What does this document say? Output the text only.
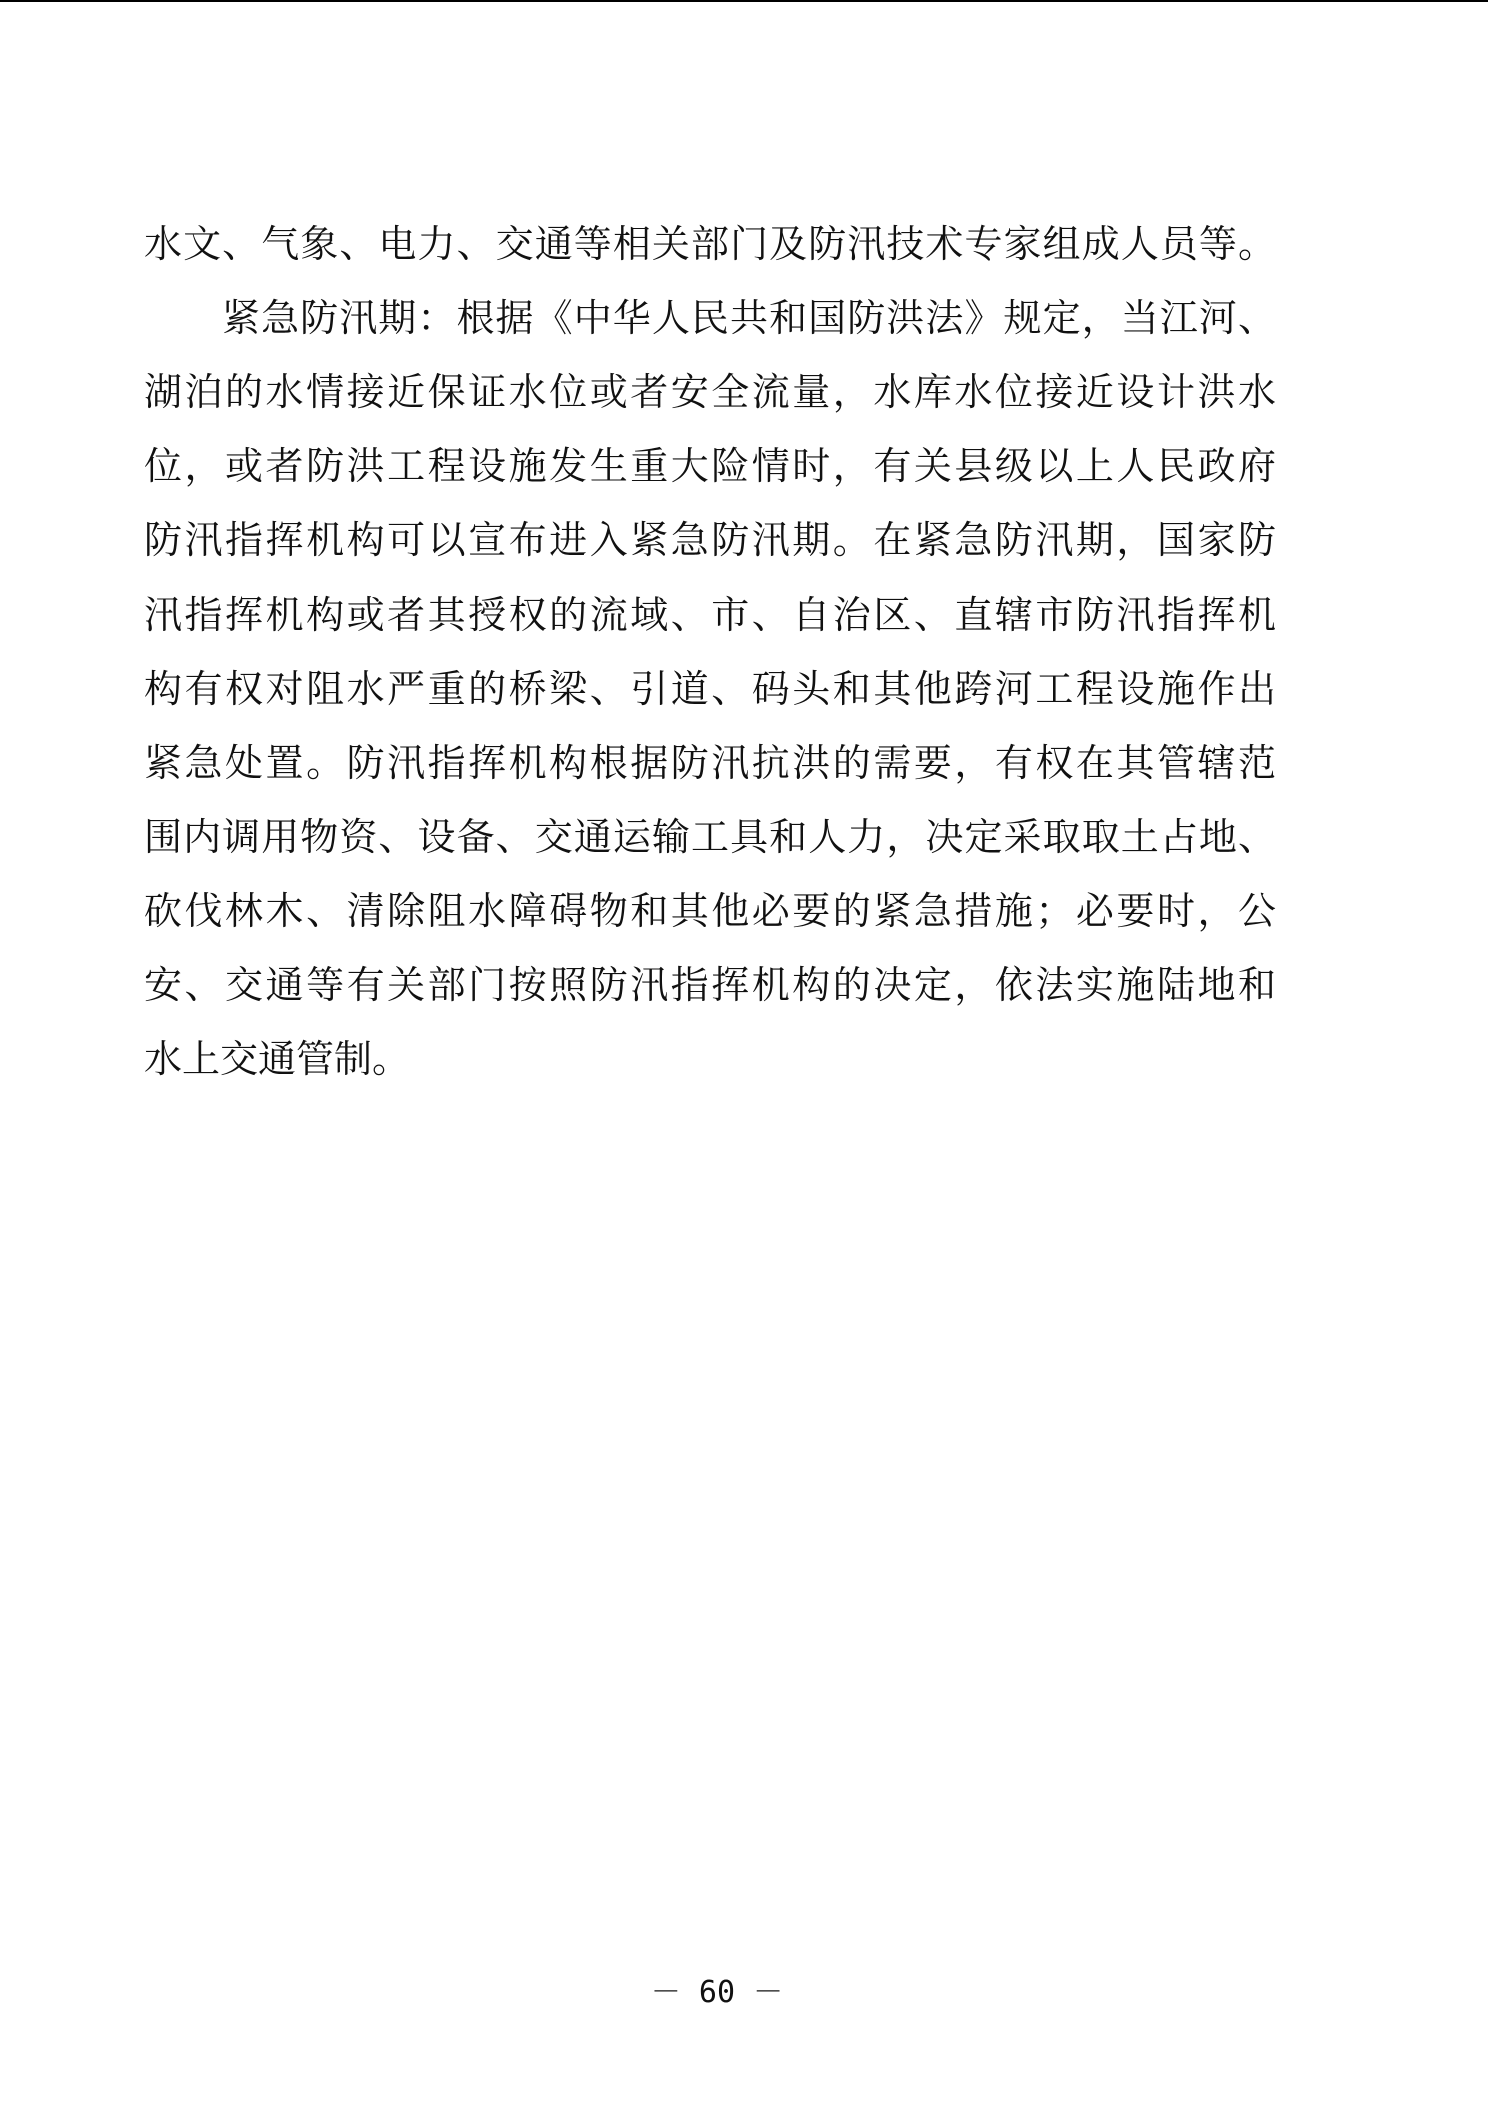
水文、气象、电力、交通等相关部门及防汛技术专家组成人员等。
紧急防汛期：根据《中华人民共和国防洪法》规定，当江河、
湖泊的水情接近保证水位或者安全流量，水库水位接近设计洪水
位，或者防洪工程设施发生重大险情时，有关县级以上人民政府
防汛指挥机构可以宣布进入紧急防汛期。在紧急防汛期，国家防
汛指挥机构或者其授权的流域、市、自治区、直辖市防汛指挥机
构有权对阻水严重的桥梁、引道、码头和其他跨河工程设施作出
紧急处置。防汛指挥机构根据防汛抗洪的需要，有权在其管辖范
围内调用物资、设备、交通运输工具和人力，决定采取取土占地、
砍伐林木、清除阻水障碍物和其他必要的紧急措施；必要时，公
安、交通等有关部门按照防汛指挥机构的决定，依法实施陆地和
水上交通管制。
－ 60 －
